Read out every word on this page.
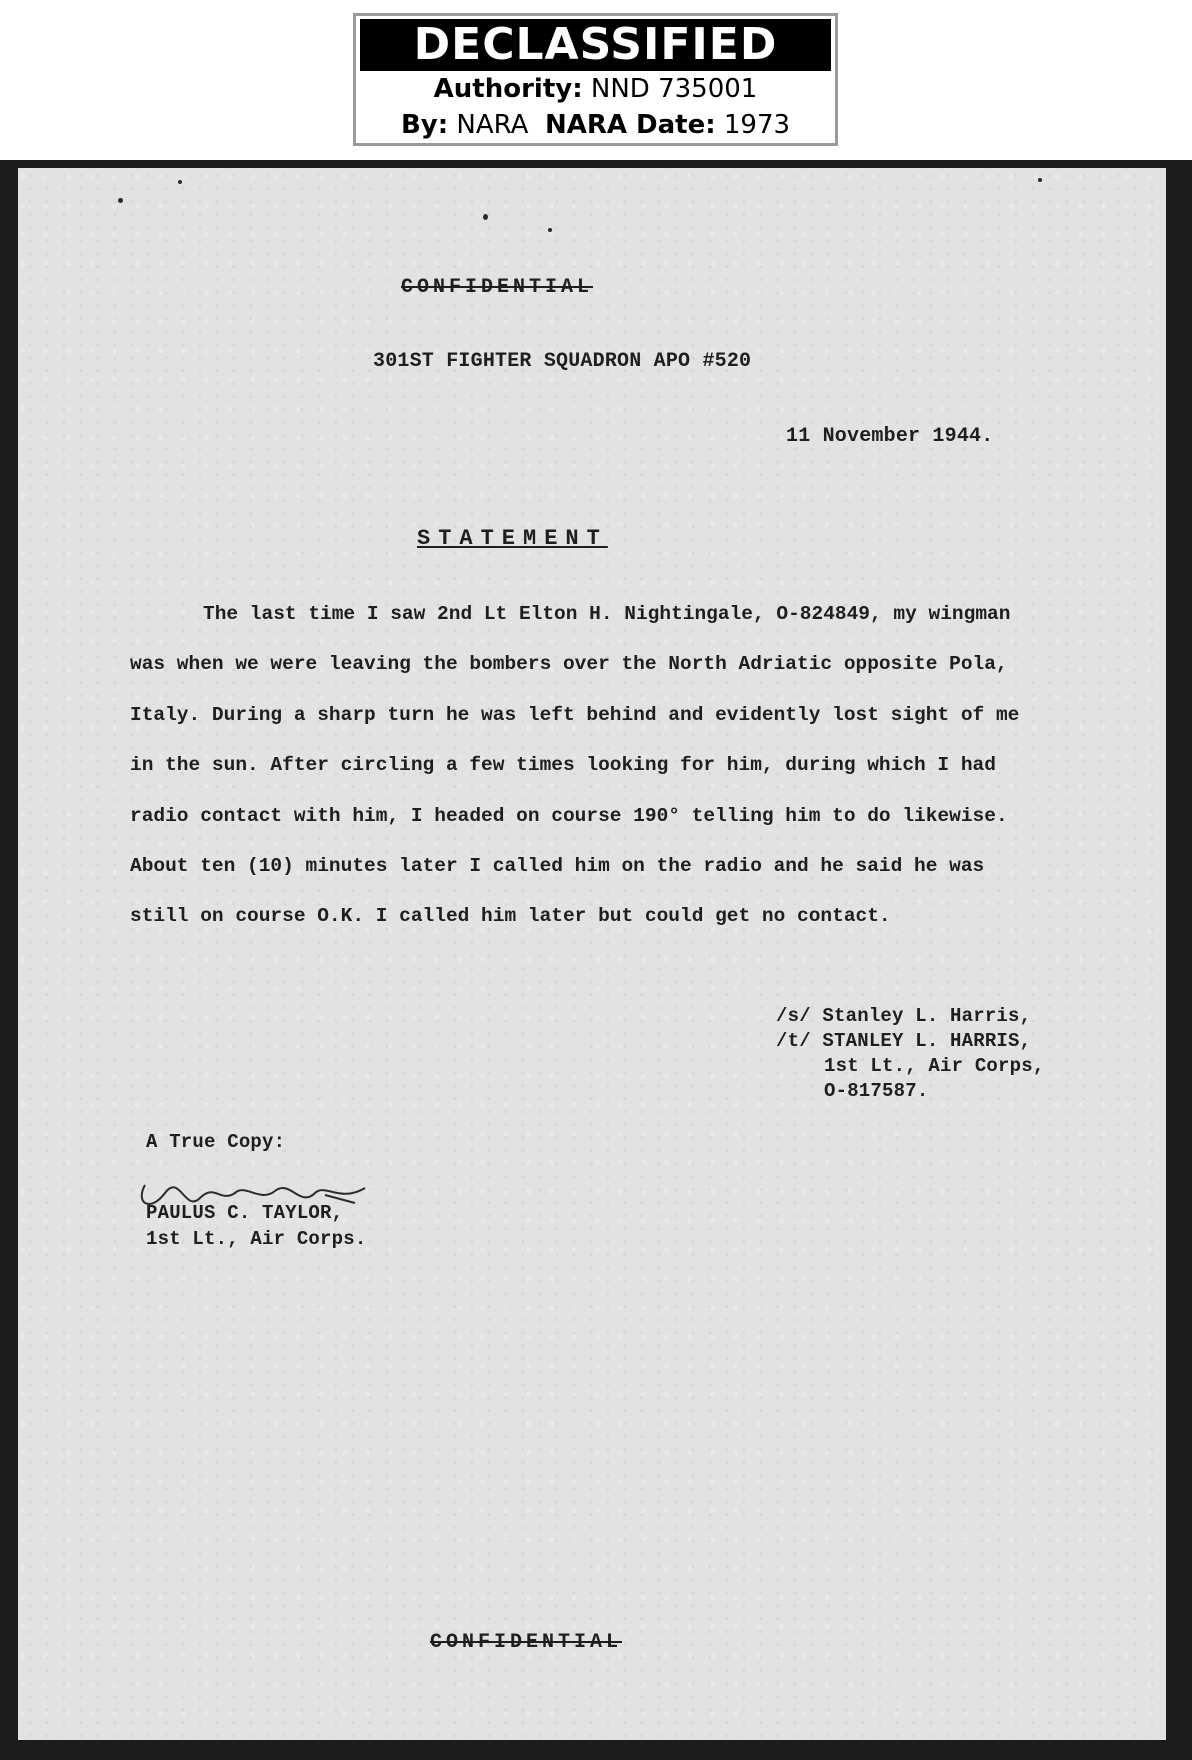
DECLASSIFIED
Authority: NND 735001
By: NARA NARA Date: 1973
CONFIDENTIAL
301ST FIGHTER SQUADRON APO #520
11 November 1944.
STATEMENT
The last time I saw 2nd Lt Elton H. Nightingale, O-824849, my wingman
was when we were leaving the bombers over the North Adriatic opposite Pola,
Italy. During a sharp turn he was left behind and evidently lost sight of me
in the sun. After circling a few times looking for him, during which I had
radio contact with him, I headed on course 190° telling him to do likewise.
About ten (10) minutes later I called him on the radio and he said he was
still on course O.K. I called him later but could get no contact.
/s/ Stanley L. Harris,
/t/ STANLEY L. HARRIS,
1st Lt., Air Corps,
O-817587.
A True Copy:
PAULUS C. TAYLOR,
1st Lt., Air Corps.
CONFIDENTIAL
